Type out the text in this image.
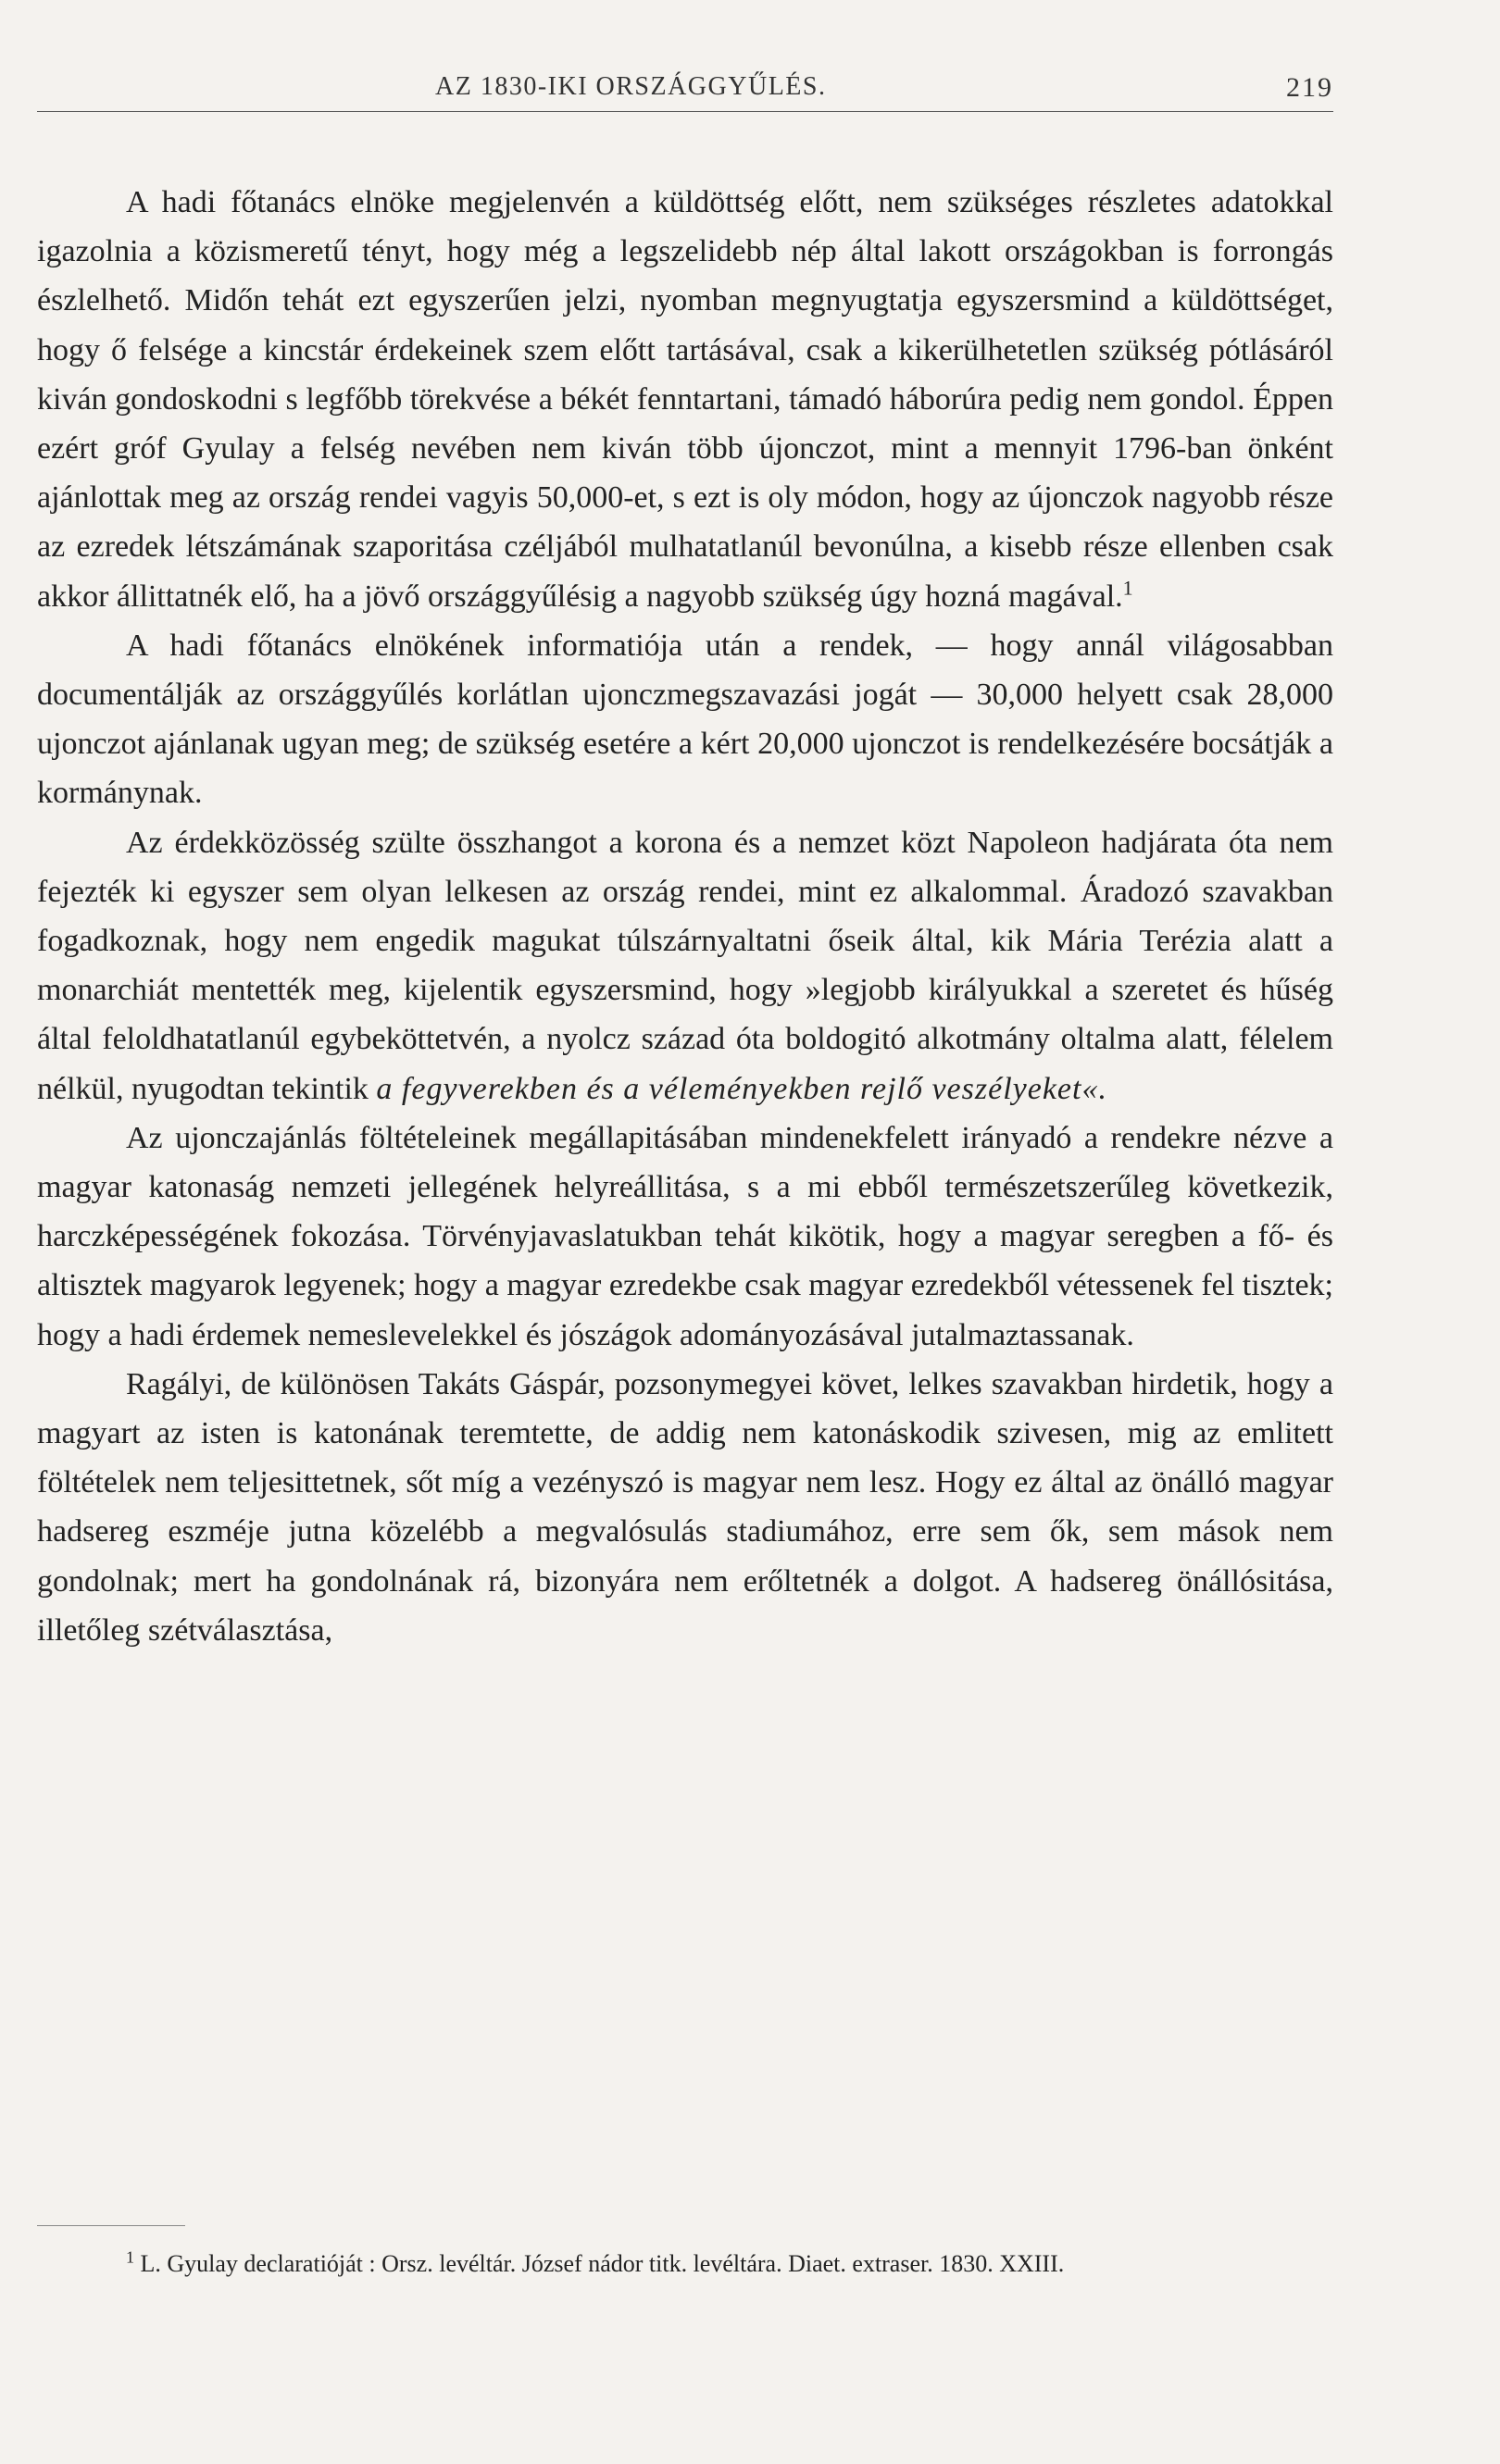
AZ 1830-IKI ORSZÁGGYŰLÉS.	219

A hadi főtanács elnöke megjelenvén a küldöttség előtt, nem szükséges részletes adatokkal igazolnia a közismeretű tényt, hogy még a legszelidebb nép által lakott országokban is forrongás észlelhető. Midőn tehát ezt egyszerűen jelzi, nyomban megnyugtatja egyszersmind a küldöttséget, hogy ő felsége a kincstár érdekeinek szem előtt tartásával, csak a kikerülhetetlen szükség pótlásáról kiván gondoskodni s legfőbb törekvése a békét fenntartani, támadó háborúra pedig nem gondol. Éppen ezért gróf Gyulay a felség nevében nem kiván több újonczot, mint a mennyit 1796-ban önként ajánlottak meg az ország rendei vagyis 50,000-et, s ezt is oly módon, hogy az újonczok nagyobb része az ezredek létszámának szaporitása czéljából mulhatatlanúl bevonúlna, a kisebb része ellenben csak akkor állittatnék elő, ha a jövő országgyűlésig a nagyobb szükség úgy hozná magával.$^1$

A hadi főtanács elnökének informatiója után a rendek, — hogy annál világosabban documentálják az országgyűlés korlátlan ujonczmegszavazási jogát — 30,000 helyett csak 28,000 ujonczot ajánlanak ugyan meg; de szükség esetére a kért 20,000 ujonczot is rendelkezésére bocsátják a kormánynak.

Az érdekközösség szülte összhangot a korona és a nemzet közt Napoleon hadjárata óta nem fejezték ki egyszer sem olyan lelkesen az ország rendei, mint ez alkalommal. Áradozó szavakban fogadkoznak, hogy nem engedik magukat túlszárnyaltatni őseik által, kik Mária Terézia alatt a monarchiát mentették meg, kijelentik egyszersmind, hogy »legjobb királyukkal a szeretet és hűség által feloldhatatlanúl egybeköttetvén, a nyolcz század óta boldogitó alkotmány oltalma alatt, félelem nélkül, nyugodtan tekintik a fegyverekben és a véleményekben rejlő veszélyeket«.

Az ujonczajánlás föltételeinek megállapitásában mindenekfelett irányadó a rendekre nézve a magyar katonaság nemzeti jellegének helyreállitása, s a mi ebből természetszerűleg következik, harczképességének fokozása. Törvényjavaslatukban tehát kikötik, hogy a magyar seregben a fő- és altisztek magyarok legyenek; hogy a magyar ezredekbe csak magyar ezredekből vétessenek fel tisztek; hogy a hadi érdemek nemeslevelekkel és jószágok adományozásával jutalmaztassanak.

Ragályi, de különösen Takáts Gáspár, pozsonymegyei követ, lelkes szavakban hirdetik, hogy a magyart az isten is katonának teremtette, de addig nem katonáskodik szivesen, mig az emlitett föltételek nem teljesittetnek, sőt míg a vezényszó is magyar nem lesz. Hogy ez által az önálló magyar hadsereg eszméje jutna közelébb a megvalósulás stadiumához, erre sem ők, sem mások nem gondolnak; mert ha gondolnának rá, bizonyára nem erőltetnék a dolgot. A hadsereg önállósitása, illetőleg szétválasztása,

$^1$ L. Gyulay declaratióját : Orsz. levéltár. József nádor titk. levéltára. Diaet. extraser. 1830. XXIII.
